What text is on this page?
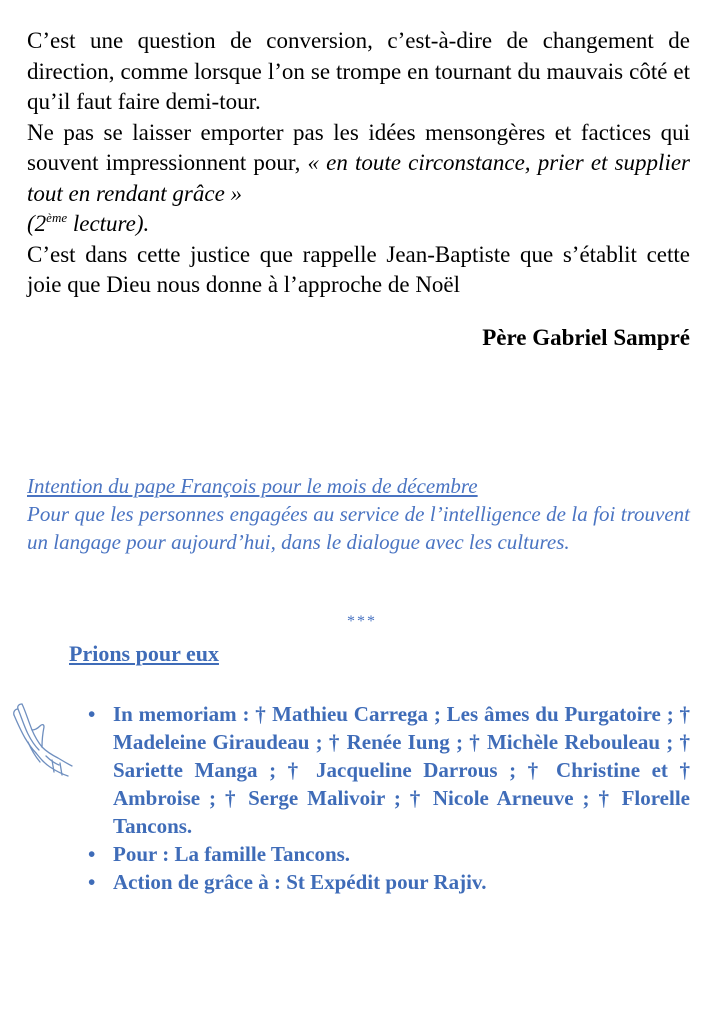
C’est une question de conversion, c’est-à-dire de changement de direction, comme lorsque l’on se trompe en tournant du mauvais côté et qu’il faut faire demi-tour.

Ne pas se laisser emporter pas les idées mensongères et factices qui souvent impressionnent pour, « en toute circonstance, prier et supplier tout en rendant grâce »
(2ème lecture).

C’est dans cette justice que rappelle Jean-Baptiste que s’établit cette joie que Dieu nous donne à l’approche de Noël

Père Gabriel Sampré
Intention du pape François pour le mois de décembre
Pour que les personnes engagées au service de l’intelligence de la foi trouvent un langage pour aujourd’hui, dans le dialogue avec les cultures.
***
Prions pour eux
• In memoriam : † Mathieu Carrega ; Les âmes du Purgatoire ; † Madeleine Giraudeau ; † Renée Iung ; † Michèle Rebouleau ; † Sariette Manga ; † Jacqueline Darrous ; † Christine et † Ambroise ; † Serge Malivoir ; † Nicole Arneuve ; † Florelle Tancons.
• Pour : La famille Tancons.
• Action de grâce à : St Expédit pour Rajiv.
